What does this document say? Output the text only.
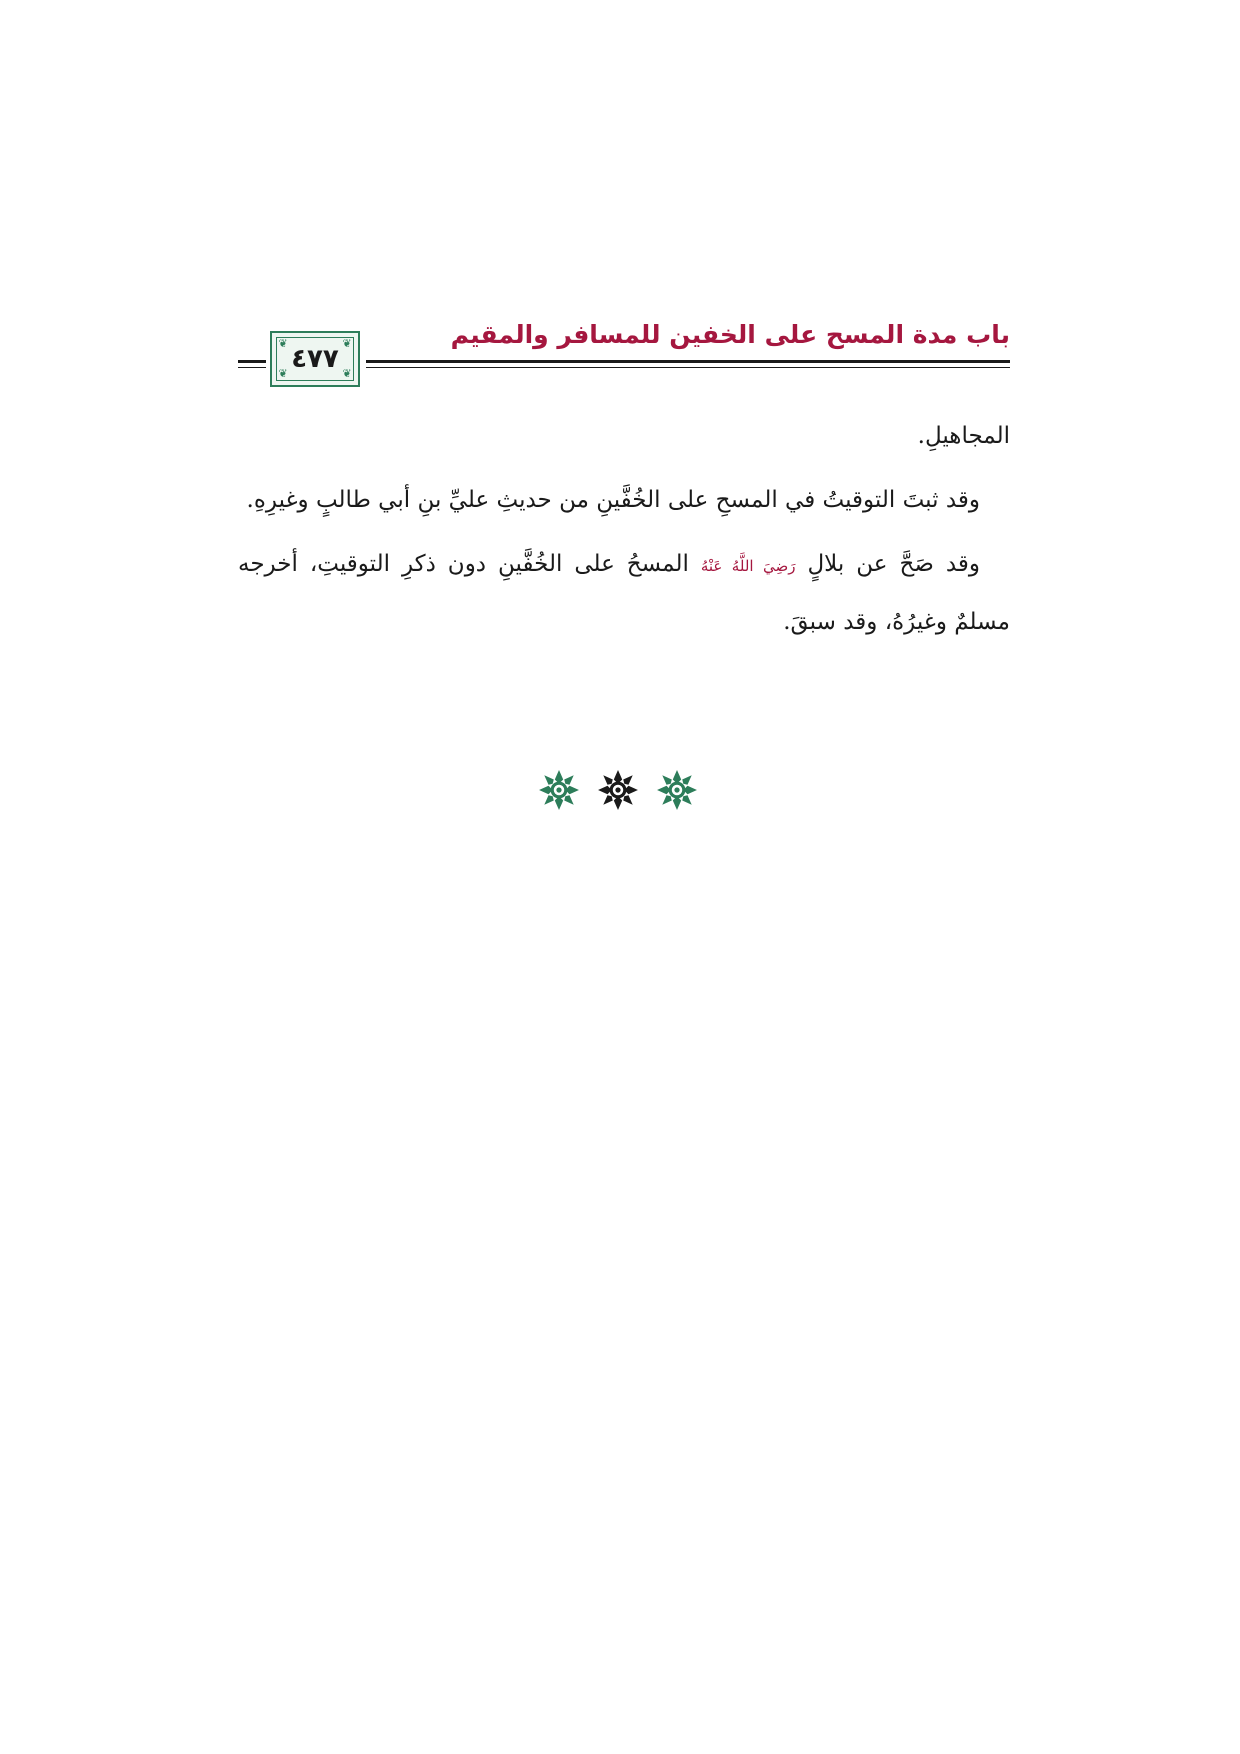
باب مدة المسح على الخفين للمسافر والمقيم
❦	❦
❦	❦
٤٧٧

المجاهيلِ.

وقد ثبتَ التوقيتُ في المسحِ على الخُفَّينِ من حديثِ عليِّ بنِ أبي طالبٍ وغيرِهِ.

وقد صَحَّ عن بلالٍ رَضِيَ اللَّهُ عَنْهُ المسحُ على الخُفَّينِ دون ذكرِ التوقيتِ، أخرجه مسلمٌ وغيرُهُ، وقد سبقَ.
